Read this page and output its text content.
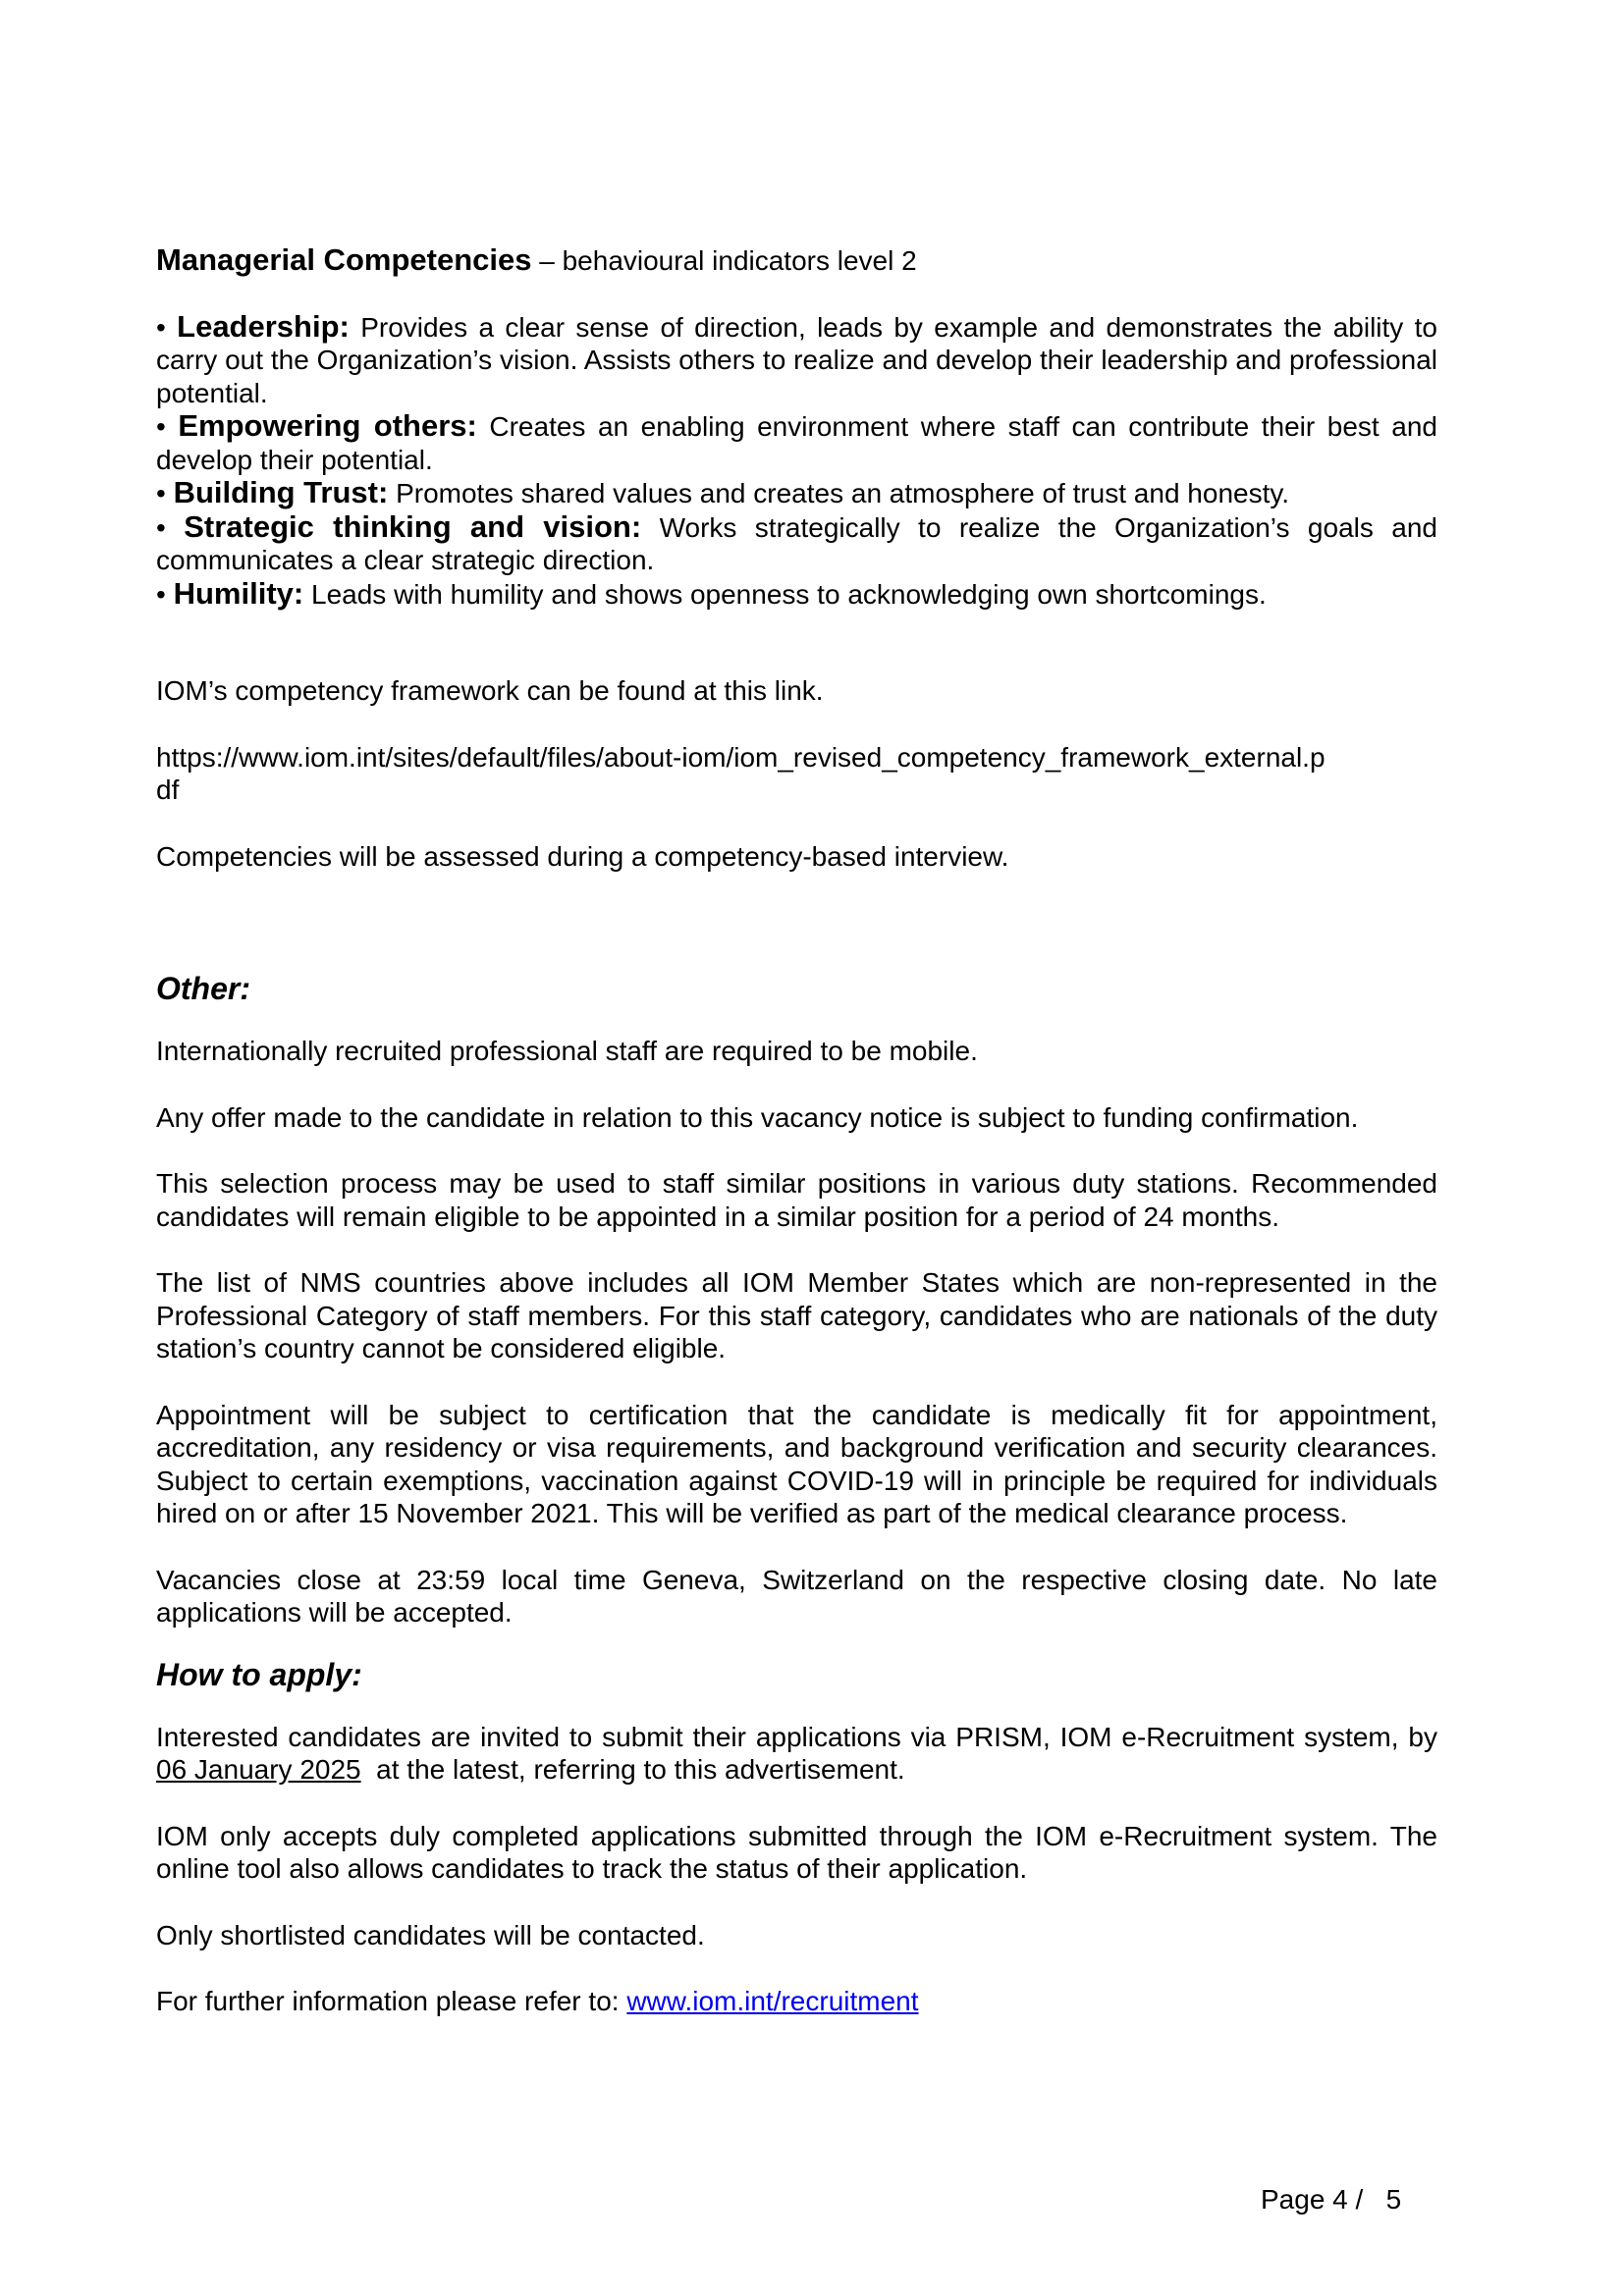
Managerial Competencies – behavioural indicators level 2

• Leadership: Provides a clear sense of direction, leads by example and demonstrates the ability to carry out the Organization’s vision. Assists others to realize and develop their leadership and professional potential.

• Empowering others: Creates an enabling environment where staff can contribute their best and develop their potential.

• Building Trust: Promotes shared values and creates an atmosphere of trust and honesty.

• Strategic thinking and vision: Works strategically to realize the Organization’s goals and communicates a clear strategic direction.

• Humility: Leads with humility and shows openness to acknowledging own shortcomings.

IOM’s competency framework can be found at this link.

https://www.iom.int/sites/default/files/about-iom/iom_revised_competency_framework_external.p
df

Competencies will be assessed during a competency-based interview.

Other:

Internationally recruited professional staff are required to be mobile.

Any offer made to the candidate in relation to this vacancy notice is subject to funding confirmation.

This selection process may be used to staff similar positions in various duty stations. Recommended candidates will remain eligible to be appointed in a similar position for a period of 24 months.

The list of NMS countries above includes all IOM Member States which are non-represented in the Professional Category of staff members. For this staff category, candidates who are nationals of the duty station’s country cannot be considered eligible.

Appointment will be subject to certification that the candidate is medically fit for appointment, accreditation, any residency or visa requirements, and background verification and security clearances. Subject to certain exemptions, vaccination against COVID-19 will in principle be required for individuals hired on or after 15 November 2021. This will be verified as part of the medical clearance process.

Vacancies close at 23:59 local time Geneva, Switzerland on the respective closing date. No late applications will be accepted.

How to apply:

Interested candidates are invited to submit their applications via PRISM, IOM e-Recruitment system, by 06 January 2025  at the latest, referring to this advertisement.

IOM only accepts duly completed applications submitted through the IOM e-Recruitment system. The online tool also allows candidates to track the status of their application.

Only shortlisted candidates will be contacted.

For further information please refer to: www.iom.int/recruitment

Page 4 /   5
